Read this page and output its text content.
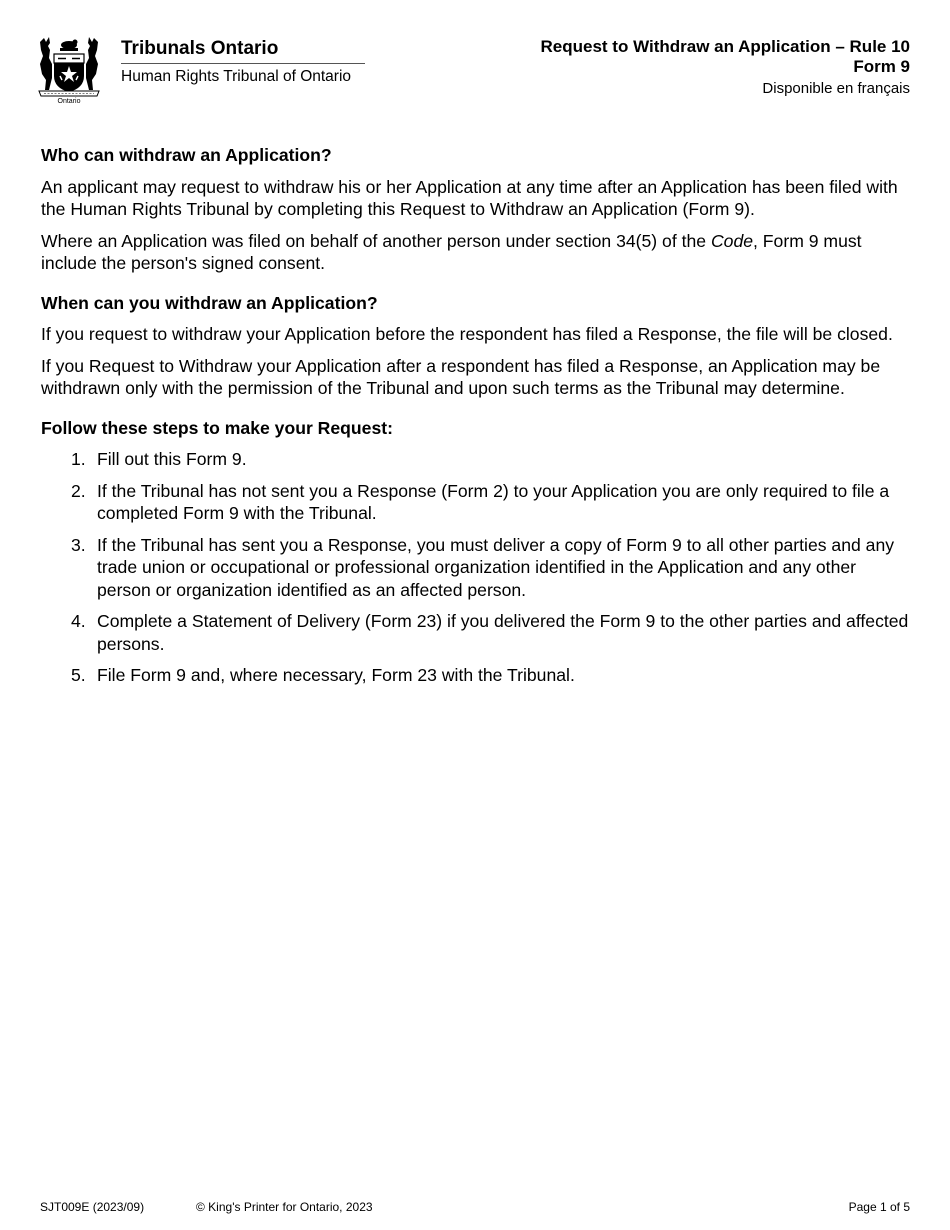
Ontario
Tribunals Ontario
Human Rights Tribunal of Ontario
Request to Withdraw an Application – Rule 10
Form 9
Disponible en français
Who can withdraw an Application?

An applicant may request to withdraw his or her Application at any time after an Application has been filed with the Human Rights Tribunal by completing this Request to Withdraw an Application (Form 9).

Where an Application was filed on behalf of another person under section 34(5) of the Code, Form 9 must include the person's signed consent.

When can you withdraw an Application?

If you request to withdraw your Application before the respondent has filed a Response, the file will be closed.

If you Request to Withdraw your Application after a respondent has filed a Response, an Application may be withdrawn only with the permission of the Tribunal and upon such terms as the Tribunal may determine.

Follow these steps to make your Request:
1. Fill out this Form 9.
2. If the Tribunal has not sent you a Response (Form 2) to your Application you are only required to file a completed Form 9 with the Tribunal.
3. If the Tribunal has sent you a Response, you must deliver a copy of Form 9 to all other parties and any trade union or occupational or professional organization identified in the Application and any other person or organization identified as an affected person.
4. Complete a Statement of Delivery (Form 23) if you delivered the Form 9 to the other parties and affected persons.
5. File Form 9 and, where necessary, Form 23 with the Tribunal.
SJT009E (2023/09)	© King's Printer for Ontario, 2023	Page 1 of 5
